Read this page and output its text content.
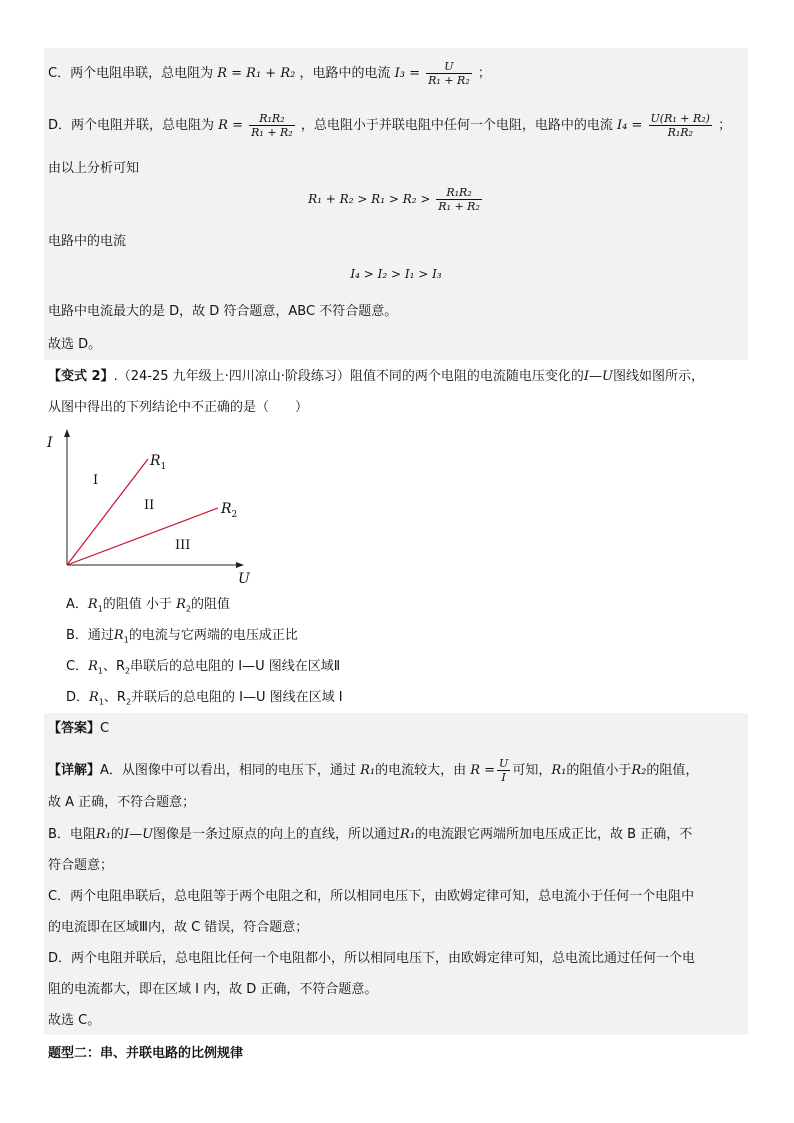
C．两个电阻串联，总电阻为 R = R₁ + R₂ ，电路中的电流 $I_3 = \frac{U}{\text{R₁ + R₂}}$ ；
D．两个电阻并联，总电阻为 $R = \frac{\text{R₁R₂}}{\text{R₁ + R₂}}$ ，总电阻小于并联电阻中任何一个电阻，电路中的电流 $I_4 = \frac{\text{U(R₁ + R₂)}}{\text{R₁R₂}}$ ；
由以上分析可知
$R_1 + R_2 > R_1 > R_2 > \frac{\text{R₁R₂}}{\text{R₁ + R₂}}$
电路中的电流
I₄ > I₂ > I₁ > I₃
电路中电流最大的是 D，故 D 符合题意，ABC 不符合题意。
故选 D。
【变式 2】.（24-25 九年级上·四川凉山·阶段练习）阻值不同的两个电阻的电流随电压变化的I—U图线如图所示，
从图中得出的下列结论中不正确的是（　　）
I
U
$R_1$
$R_2$
I
II
III
A．$R_1$的阻值 小于 $R_2$的阻值
B．通过$R_1$的电流与它两端的电压成正比
C．$R_1$、$R_2$串联后的总电阻的 I—U 图线在区域Ⅱ
D．$R_1$、$R_2$并联后的总电阻的 I—U 图线在区域 I
【答案】C
【详解】A．从图像中可以看出，相同的电压下，通过 R₁的电流较大，由 $R = \frac{U}{I}$ 可知，R₁的阻值小于R₂的阻值，
故 A 正确，不符合题意；
B．电阻R₁的I—U图像是一条过原点的向上的直线，所以通过R₁的电流跟它两端所加电压成正比，故 B 正确，不
符合题意；
C．两个电阻串联后，总电阻等于两个电阻之和，所以相同电压下，由欧姆定律可知，总电流小于任何一个电阻中
的电流即在区域Ⅲ内，故 C 错误，符合题意；
D．两个电阻并联后，总电阻比任何一个电阻都小，所以相同电压下，由欧姆定律可知，总电流比通过任何一个电
阻的电流都大，即在区域 I 内，故 D 正确，不符合题意。
故选 C。
题型二：串、并联电路的比例规律
